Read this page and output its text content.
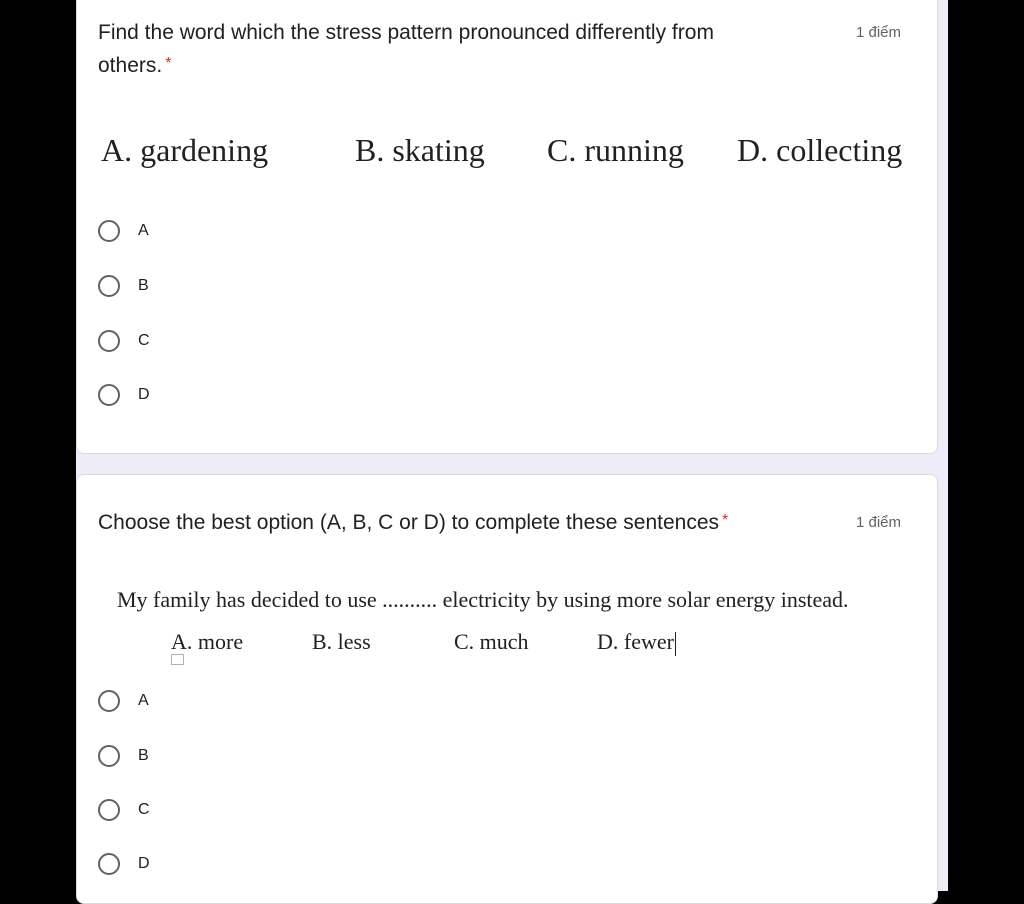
Find the word which the stress pattern pronounced differently from
others. *
1 điểm
A. gardening	B. skating C. running D. collecting
A
B
C
D
Choose the best option (A, B, C or D) to complete these sentences *	1 điểm
My family has decided to use .......... electricity by using more solar energy instead.
A. more	B. less	C. much	D. fewer
A
B
C
D
